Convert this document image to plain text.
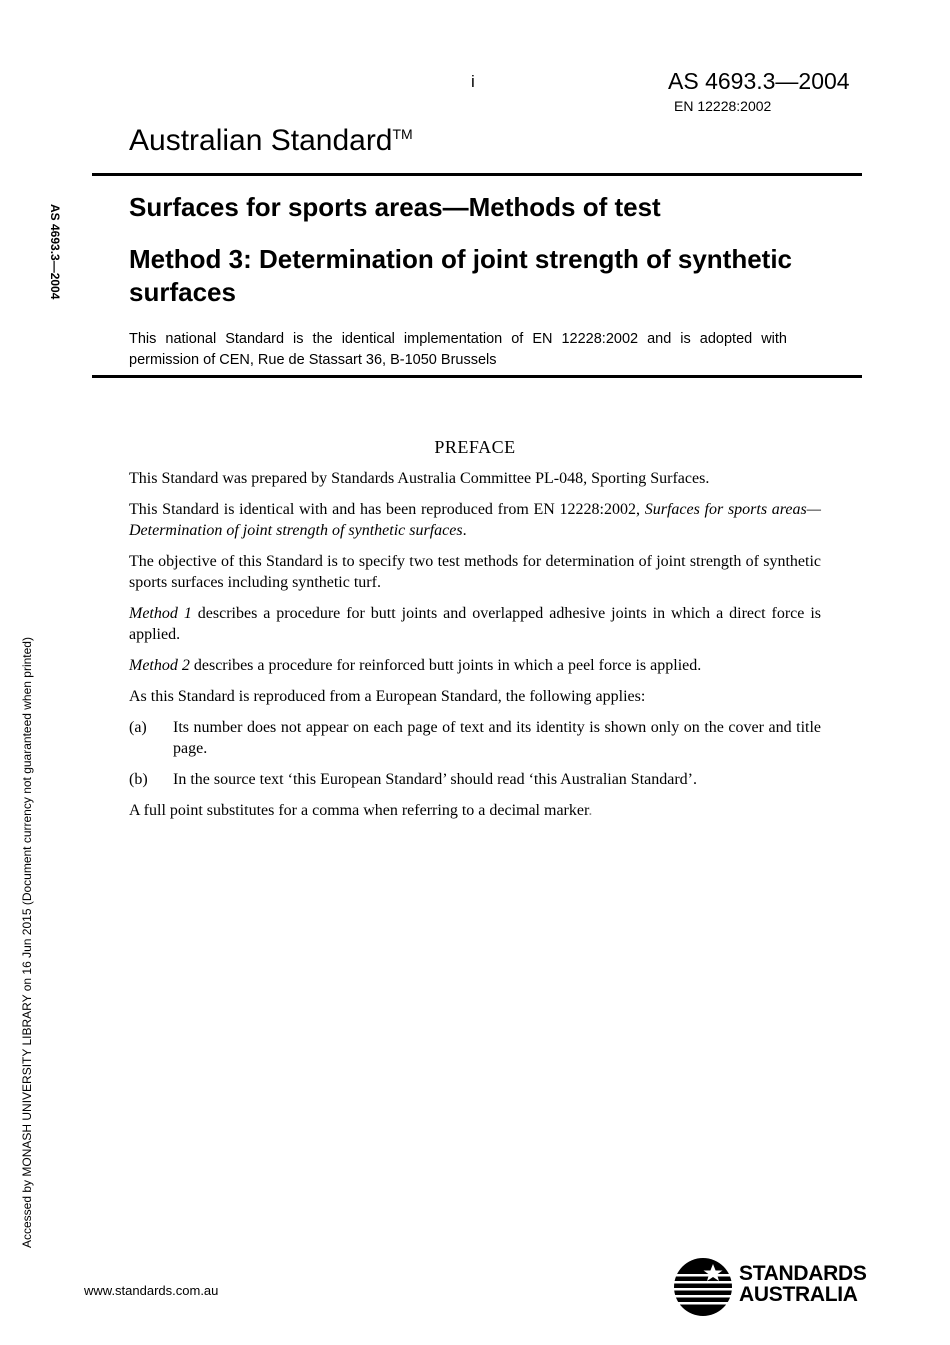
i	AS 4693.3—2004
EN 12228:2002
Australian Standard™
Surfaces for sports areas—Methods of test
Method 3: Determination of joint strength of synthetic surfaces
This national Standard is the identical implementation of EN 12228:2002 and is adopted with permission of CEN, Rue de Stassart 36, B-1050 Brussels
AS 4693.3—2004
Accessed by MONASH UNIVERSITY LIBRARY on 16 Jun 2015 (Document currency not guaranteed when printed)
PREFACE

This Standard was prepared by Standards Australia Committee PL-048, Sporting Surfaces.

This Standard is identical with and has been reproduced from EN 12228:2002, Surfaces for sports areas—Determination of joint strength of synthetic surfaces.

The objective of this Standard is to specify two test methods for determination of joint strength of synthetic sports surfaces including synthetic turf.

Method 1 describes a procedure for butt joints and overlapped adhesive joints in which a direct force is applied.

Method 2 describes a procedure for reinforced butt joints in which a peel force is applied.

As this Standard is reproduced from a European Standard, the following applies:

(a)	Its number does not appear on each page of text and its identity is shown only on the cover and title page.
(b)	In the source text ‘this European Standard’ should read ‘this Australian Standard’.

A full point substitutes for a comma when referring to a decimal marker.

www.standards.com.au
STANDARDS
AUSTRALIA
